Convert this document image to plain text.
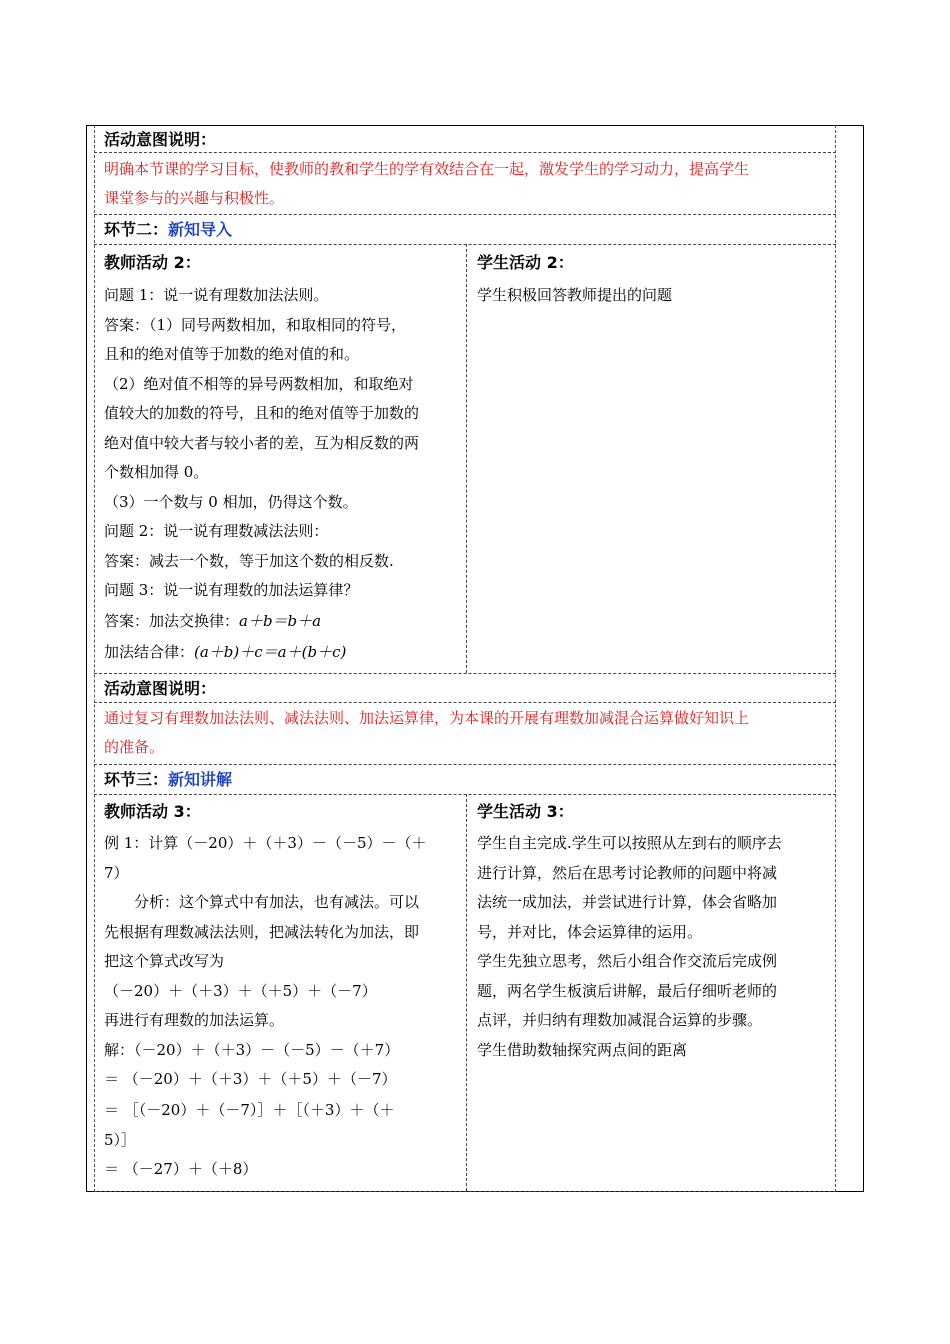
活动意图说明：
明确本节课的学习目标，使教师的教和学生的学有效结合在一起，激发学生的学习动力，提高学生
课堂参与的兴趣与积极性。
环节二：新知导入
教师活动 2：	学生活动 2：
问题 1：说一说有理数加法法则。
答案：（1）同号两数相加，和取相同的符号，
且和的绝对值等于加数的绝对值的和。
（2）绝对值不相等的异号两数相加，和取绝对
值较大的加数的符号，且和的绝对值等于加数的
绝对值中较大者与较小者的差，互为相反数的两
个数相加得 0。
（3）一个数与 0 相加，仍得这个数。
问题 2：说一说有理数减法法则：
答案：减去一个数，等于加这个数的相反数.
问题 3：说一说有理数的加法运算律？
答案：加法交换律：a＋b＝b＋a
加法结合律：(a＋b)＋c＝a＋(b＋c)
学生积极回答教师提出的问题
活动意图说明：
通过复习有理数加法法则、减法法则、加法运算律，为本课的开展有理数加减混合运算做好知识上
的准备。
环节三：新知讲解
教师活动 3：	学生活动 3：
例 1：计算（－20）＋（＋3）－（－5）－（＋
7）
　　分析：这个算式中有加法，也有减法。可以
先根据有理数减法法则，把减法转化为加法，即
把这个算式改写为
（－20）＋（＋3）＋（＋5）＋（－7）
再进行有理数的加法运算。
解：（－20）＋（＋3）－（－5）－（＋7）
＝ （－20）＋（＋3）＋（＋5）＋（－7）
＝ ［（－20）＋（－7）］＋［（＋3）＋（＋
5）］
＝ （－27）＋（＋8）
学生自主完成.学生可以按照从左到右的顺序去
进行计算，然后在思考讨论教师的问题中将减
法统一成加法，并尝试进行计算，体会省略加
号，并对比，体会运算律的运用。
学生先独立思考，然后小组合作交流后完成例
题，两名学生板演后讲解，最后仔细听老师的
点评，并归纳有理数加减混合运算的步骤。
学生借助数轴探究两点间的距离
